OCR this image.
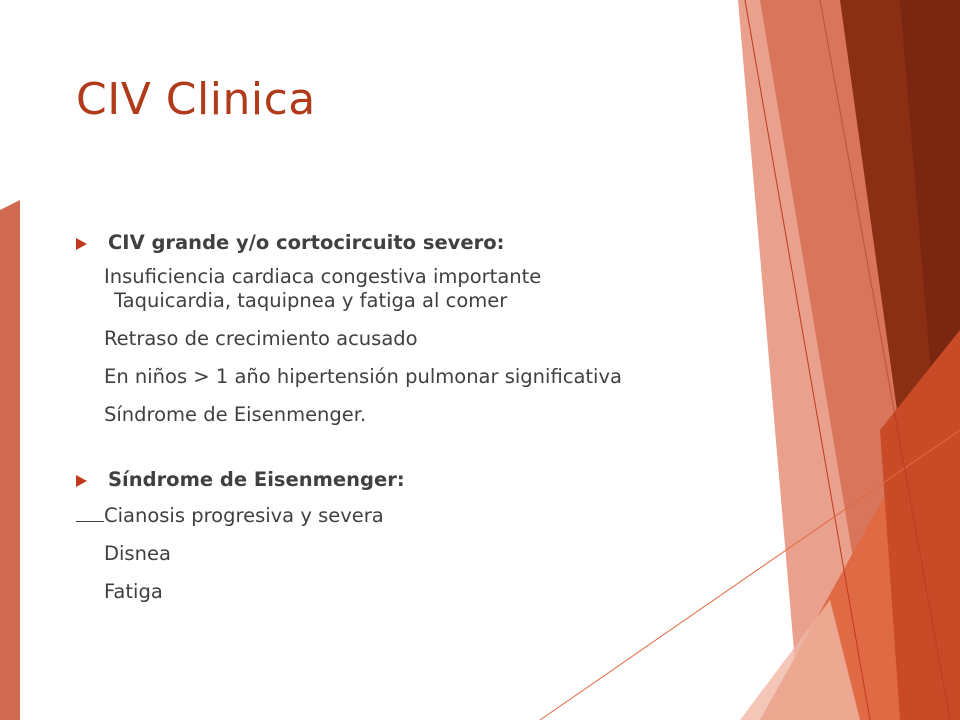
CIV Clinica
CIV grande y/o cortocircuito severo:
Insuficiencia cardiaca congestiva importante
Taquicardia, taquipnea y fatiga al comer
Retraso de crecimiento acusado
En niños > 1 año hipertensión pulmonar significativa
Síndrome de Eisenmenger.
Síndrome de Eisenmenger:
Cianosis progresiva y severa
Disnea
Fatiga
